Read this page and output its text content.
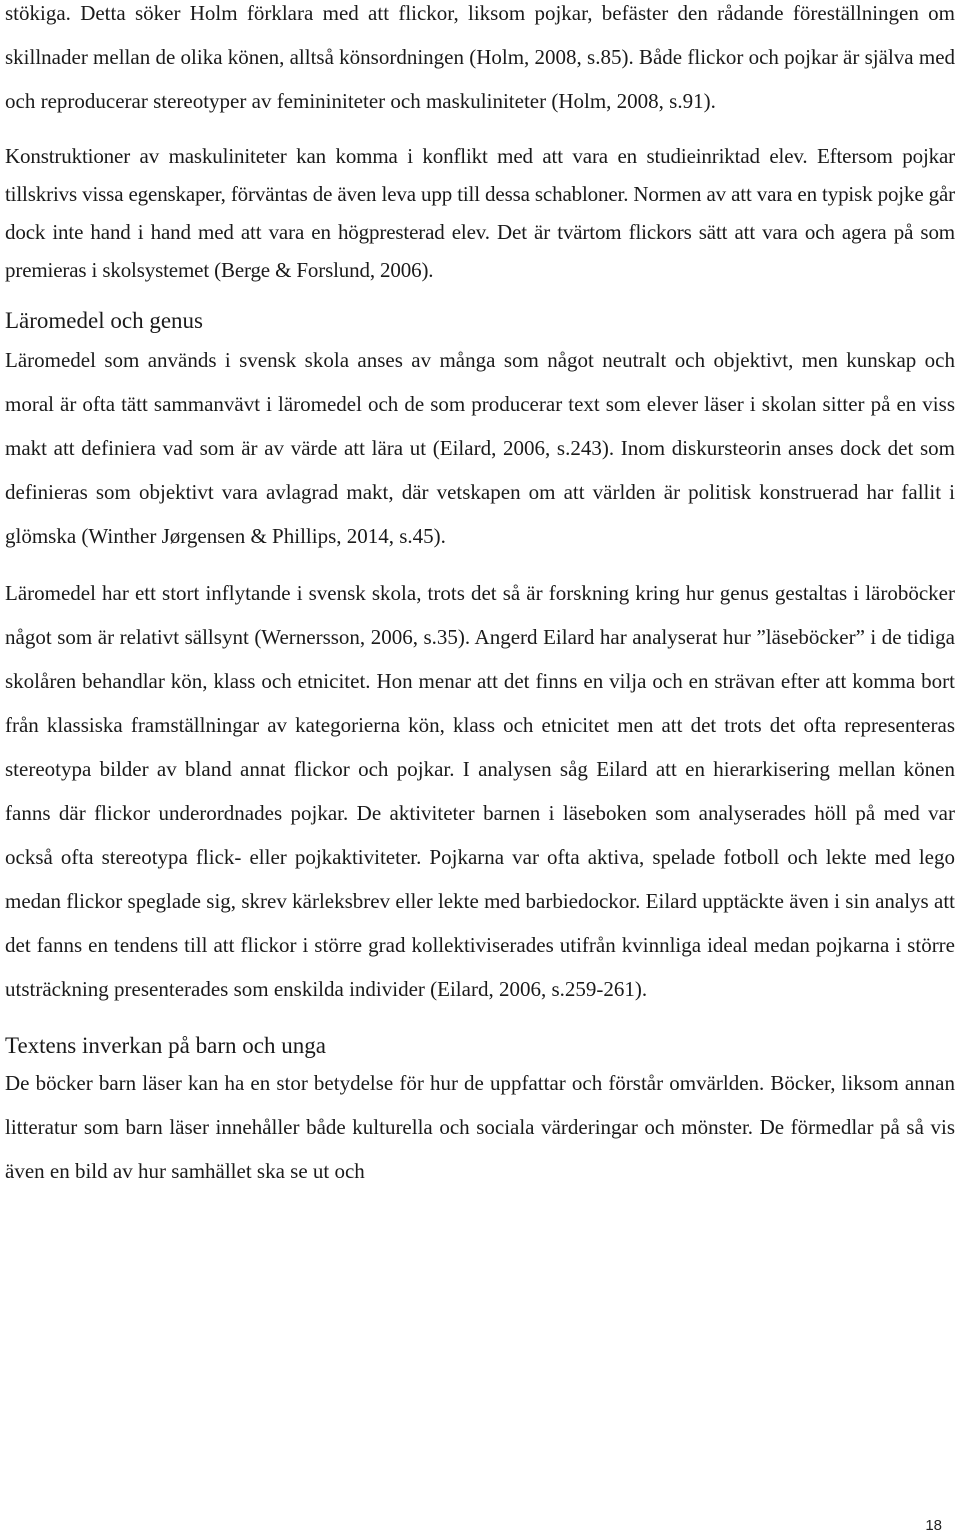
stökiga. Detta söker Holm förklara med att flickor, liksom pojkar, befäster den rådande föreställningen om skillnader mellan de olika könen, alltså könsordningen (Holm, 2008, s.85). Både flickor och pojkar är själva med och reproducerar stereotyper av femininiteter och maskuliniteter (Holm, 2008, s.91).

Konstruktioner av maskuliniteter kan komma i konflikt med att vara en studieinriktad elev. Eftersom pojkar tillskrivs vissa egenskaper, förväntas de även leva upp till dessa schabloner. Normen av att vara en typisk pojke går dock inte hand i hand med att vara en högpresterad elev. Det är tvärtom flickors sätt att vara och agera på som premieras i skolsystemet (Berge & Forslund, 2006).

Läromedel och genus

Läromedel som används i svensk skola anses av många som något neutralt och objektivt, men kunskap och moral är ofta tätt sammanvävt i läromedel och de som producerar text som elever läser i skolan sitter på en viss makt att definiera vad som är av värde att lära ut (Eilard, 2006, s.243). Inom diskursteorin anses dock det som definieras som objektivt vara avlagrad makt, där vetskapen om att världen är politisk konstruerad har fallit i glömska (Winther Jørgensen & Phillips, 2014, s.45).

Läromedel har ett stort inflytande i svensk skola, trots det så är forskning kring hur genus gestaltas i läroböcker något som är relativt sällsynt (Wernersson, 2006, s.35). Angerd Eilard har analyserat hur ”läseböcker” i de tidiga skolåren behandlar kön, klass och etnicitet. Hon menar att det finns en vilja och en strävan efter att komma bort från klassiska framställningar av kategorierna kön, klass och etnicitet men att det trots det ofta representeras stereotypa bilder av bland annat flickor och pojkar. I analysen såg Eilard att en hierarkisering mellan könen fanns där flickor underordnades pojkar. De aktiviteter barnen i läseboken som analyserades höll på med var också ofta stereotypa flick- eller pojkaktiviteter. Pojkarna var ofta aktiva, spelade fotboll och lekte med lego medan flickor speglade sig, skrev kärleksbrev eller lekte med barbiedockor. Eilard upptäckte även i sin analys att det fanns en tendens till att flickor i större grad kollektiviserades utifrån kvinnliga ideal medan pojkarna i större utsträckning presenterades som enskilda individer (Eilard, 2006, s.259-261).

Textens inverkan på barn och unga

De böcker barn läser kan ha en stor betydelse för hur de uppfattar och förstår omvärlden. Böcker, liksom annan litteratur som barn läser innehåller både kulturella och sociala värderingar och mönster. De förmedlar på så vis även en bild av hur samhället ska se ut och

18
